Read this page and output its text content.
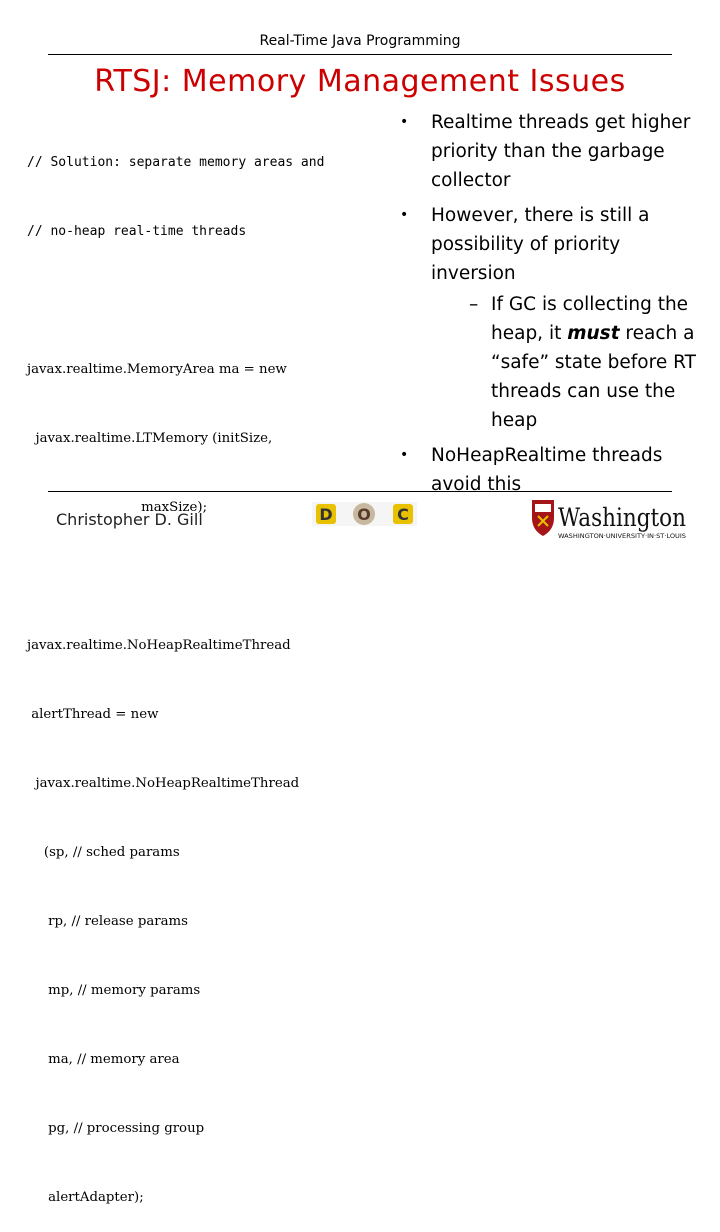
Real-Time Java Programming
RTSJ: Memory Management Issues

// Solution: separate memory areas and

// no-heap real-time threads

javax.realtime.MemoryArea ma = new

javax.realtime.LTMemory (initSize,

maxSize);

javax.realtime.NoHeapRealtimeThread

alertThread = new

javax.realtime.NoHeapRealtimeThread

(sp, // sched params

rp, // release params

mp, // memory params

ma, // memory area

pg, // processing group

alertAdapter);

• Realtime threads get higher priority than the garbage collector
• However, there is still a possibility of priority inversion
– If GC is collecting the heap, it must reach a “safe” state before RT threads can use the heap
• NoHeapRealtime threads avoid this
Christopher D. Gill	D O C	Washington
WASHINGTON·UNIVERSITY·IN·ST·LOUIS
